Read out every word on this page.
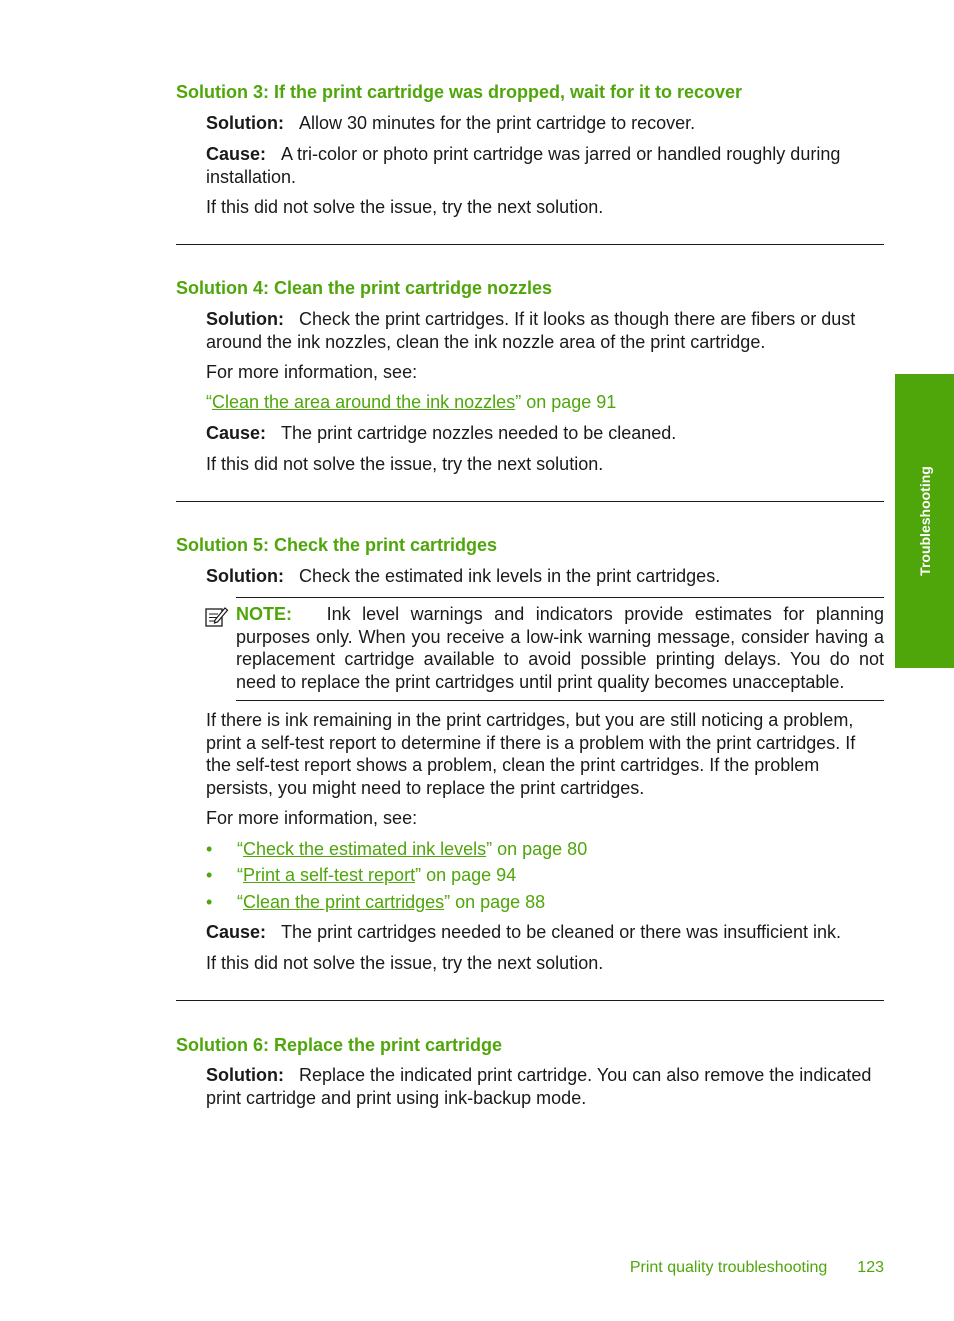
Solution 3: If the print cartridge was dropped, wait for it to recover

Solution: Allow 30 minutes for the print cartridge to recover.

Cause: A tri-color or photo print cartridge was jarred or handled roughly during installation.

If this did not solve the issue, try the next solution.

Solution 4: Clean the print cartridge nozzles

Solution: Check the print cartridges. If it looks as though there are fibers or dust around the ink nozzles, clean the ink nozzle area of the print cartridge.

For more information, see:

“Clean the area around the ink nozzles” on page 91

Cause: The print cartridge nozzles needed to be cleaned.

If this did not solve the issue, try the next solution.

Solution 5: Check the print cartridges

Solution: Check the estimated ink levels in the print cartridges.

NOTE: Ink level warnings and indicators provide estimates for planning purposes only. When you receive a low-ink warning message, consider having a replacement cartridge available to avoid possible printing delays. You do not need to replace the print cartridges until print quality becomes unacceptable.

If there is ink remaining in the print cartridges, but you are still noticing a problem, print a self-test report to determine if there is a problem with the print cartridges. If the self-test report shows a problem, clean the print cartridges. If the problem persists, you might need to replace the print cartridges.

For more information, see:

• “Check the estimated ink levels” on page 80

• “Print a self-test report” on page 94

• “Clean the print cartridges” on page 88

Cause: The print cartridges needed to be cleaned or there was insufficient ink.

If this did not solve the issue, try the next solution.

Solution 6: Replace the print cartridge

Solution: Replace the indicated print cartridge. You can also remove the indicated print cartridge and print using ink-backup mode.

Troubleshooting

Print quality troubleshooting 123
